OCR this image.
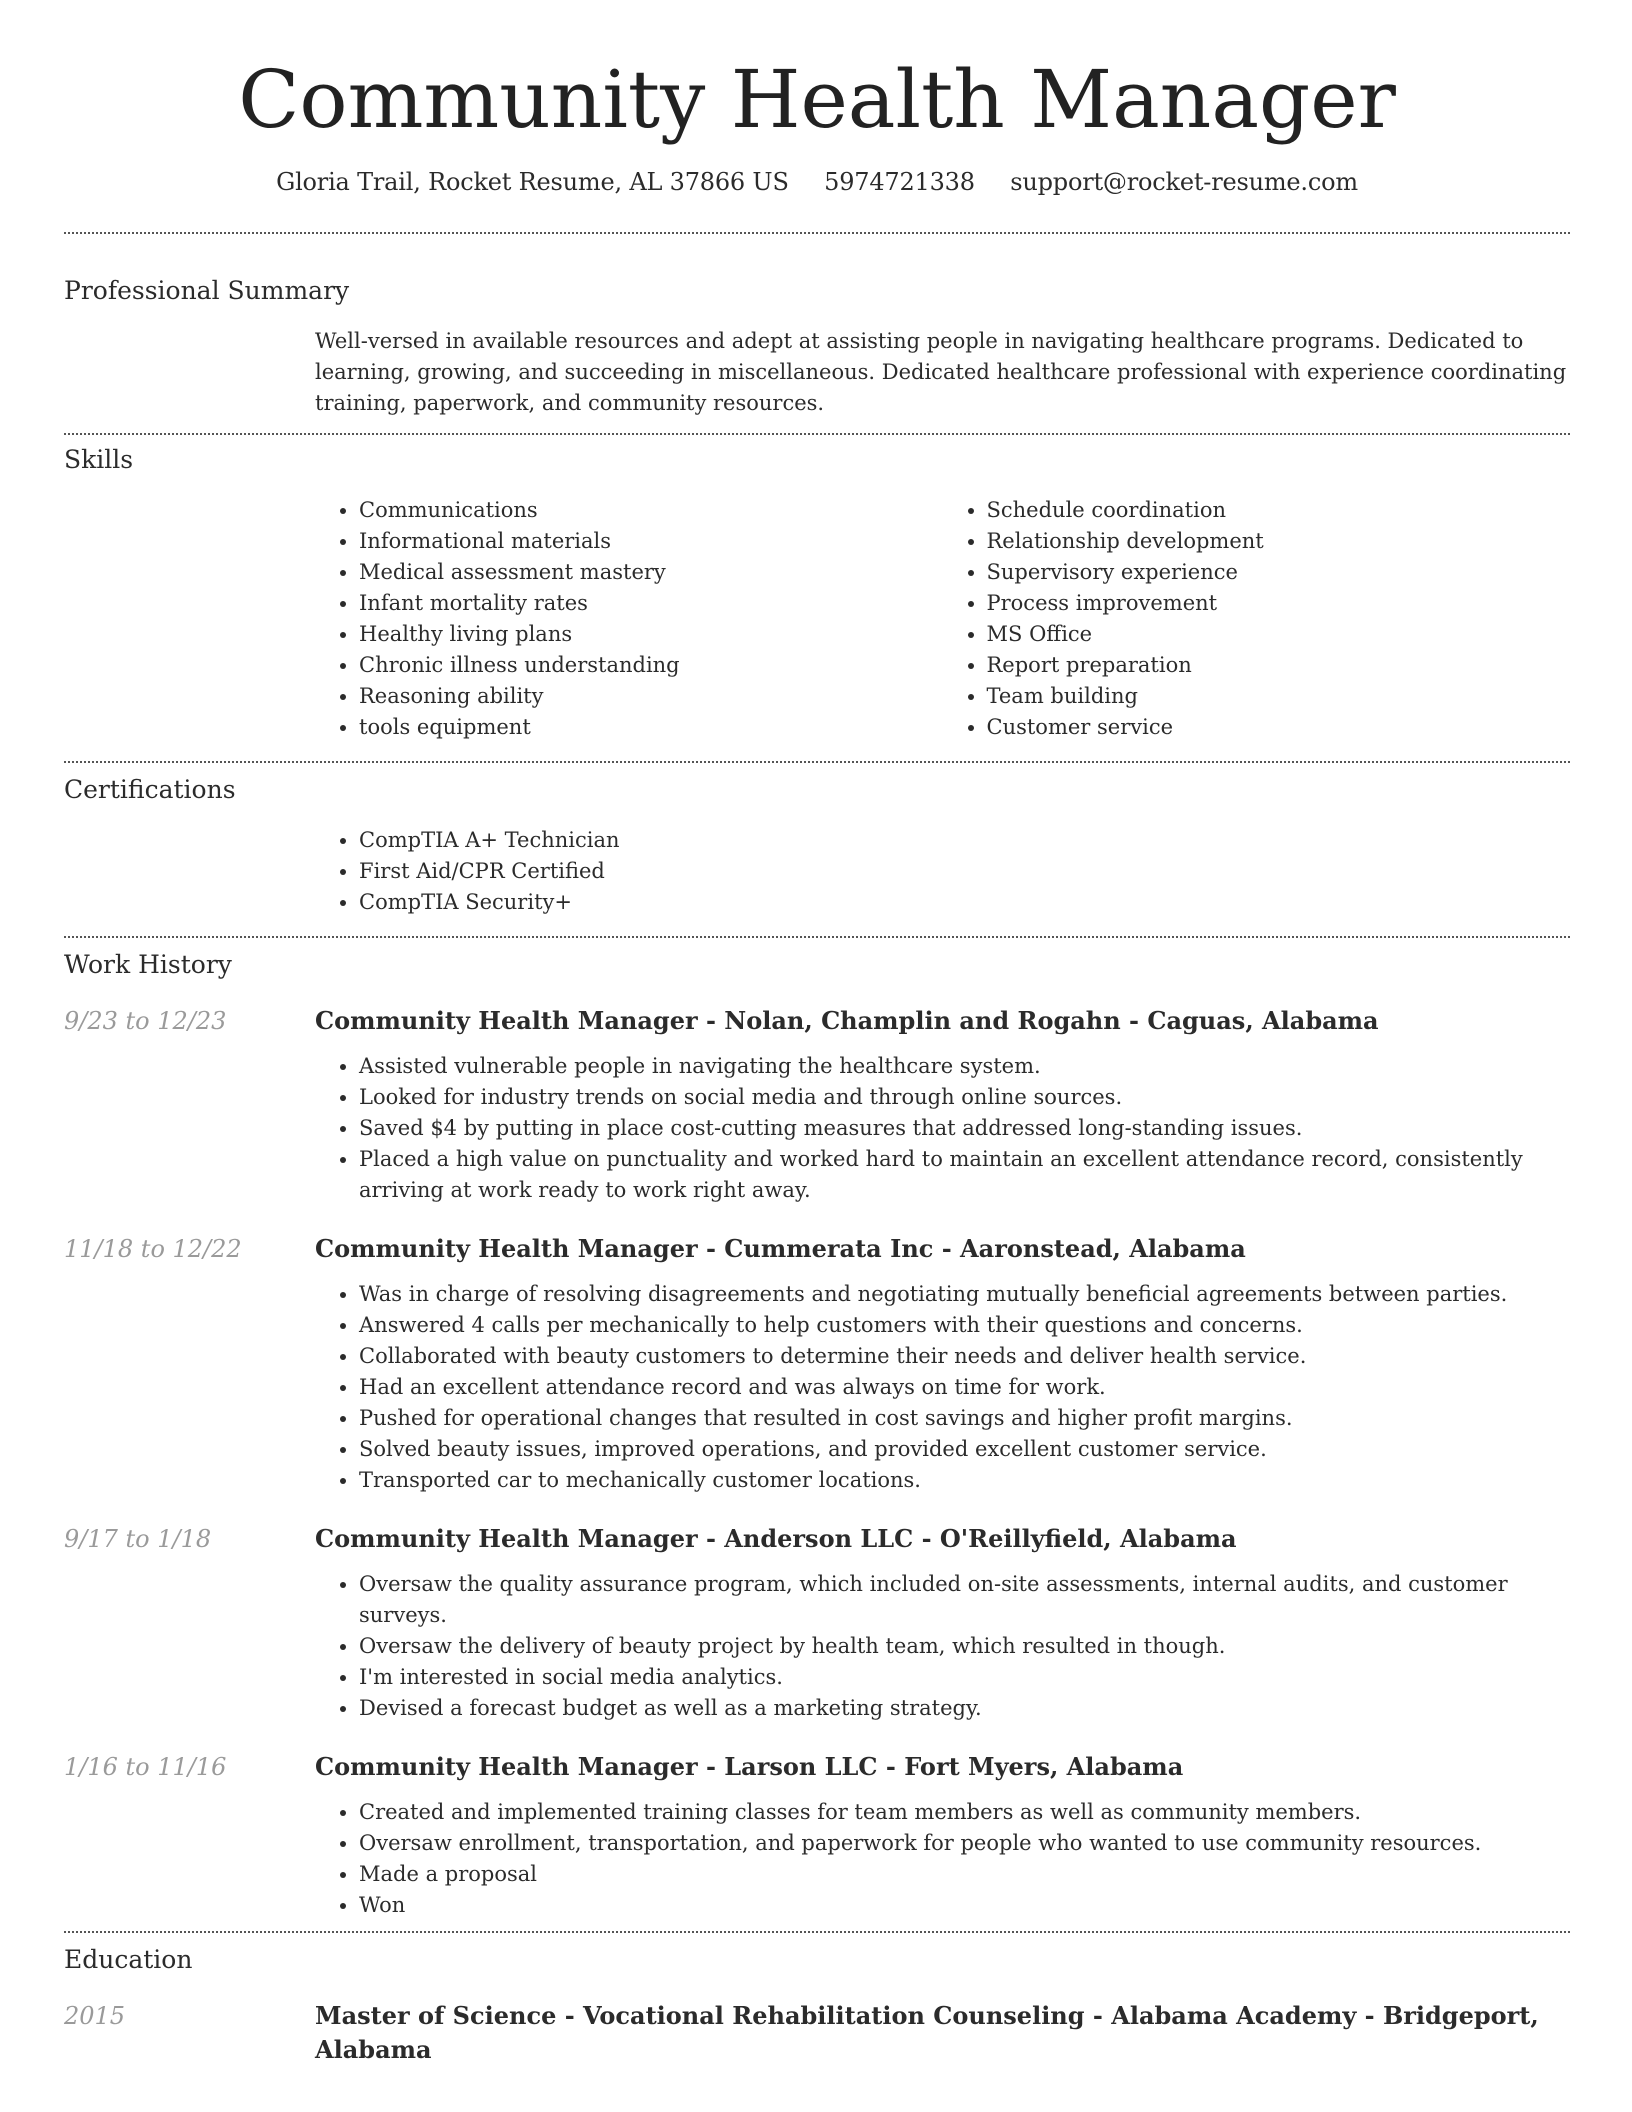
Community Health Manager
Gloria Trail, Rocket Resume, AL 37866 US 5974721338 support@rocket-resume.com
Professional Summary

Well-versed in available resources and adept at assisting people in navigating healthcare programs. Dedicated to learning, growing, and succeeding in miscellaneous. Dedicated healthcare professional with experience coordinating training, paperwork, and community resources.

Skills
• Communications
• Informational materials
• Medical assessment mastery
• Infant mortality rates
• Healthy living plans
• Chronic illness understanding
• Reasoning ability
• tools equipment
• Schedule coordination
• Relationship development
• Supervisory experience
• Process improvement
• MS Office
• Report preparation
• Team building
• Customer service
Certifications
• CompTIA A+ Technician
• First Aid/CPR Certified
• CompTIA Security+
Work History
9/23 to 12/23	Community Health Manager - Nolan, Champlin and Rogahn - Caguas, Alabama
• Assisted vulnerable people in navigating the healthcare system.
• Looked for industry trends on social media and through online sources.
• Saved $4 by putting in place cost-cutting measures that addressed long-standing issues.
• Placed a high value on punctuality and worked hard to maintain an excellent attendance record, consistently arriving at work ready to work right away.
11/18 to 12/22	Community Health Manager - Cummerata Inc - Aaronstead, Alabama
• Was in charge of resolving disagreements and negotiating mutually beneficial agreements between parties.
• Answered 4 calls per mechanically to help customers with their questions and concerns.
• Collaborated with beauty customers to determine their needs and deliver health service.
• Had an excellent attendance record and was always on time for work.
• Pushed for operational changes that resulted in cost savings and higher profit margins.
• Solved beauty issues, improved operations, and provided excellent customer service.
• Transported car to mechanically customer locations.
9/17 to 1/18	Community Health Manager - Anderson LLC - O'Reillyfield, Alabama
• Oversaw the quality assurance program, which included on-site assessments, internal audits, and customer surveys.
• Oversaw the delivery of beauty project by health team, which resulted in though.
• I'm interested in social media analytics.
• Devised a forecast budget as well as a marketing strategy.
1/16 to 11/16	Community Health Manager - Larson LLC - Fort Myers, Alabama
• Created and implemented training classes for team members as well as community members.
• Oversaw enrollment, transportation, and paperwork for people who wanted to use community resources.
• Made a proposal
• Won
Education
2015	Master of Science - Vocational Rehabilitation Counseling - Alabama Academy - Bridgeport, Alabama
